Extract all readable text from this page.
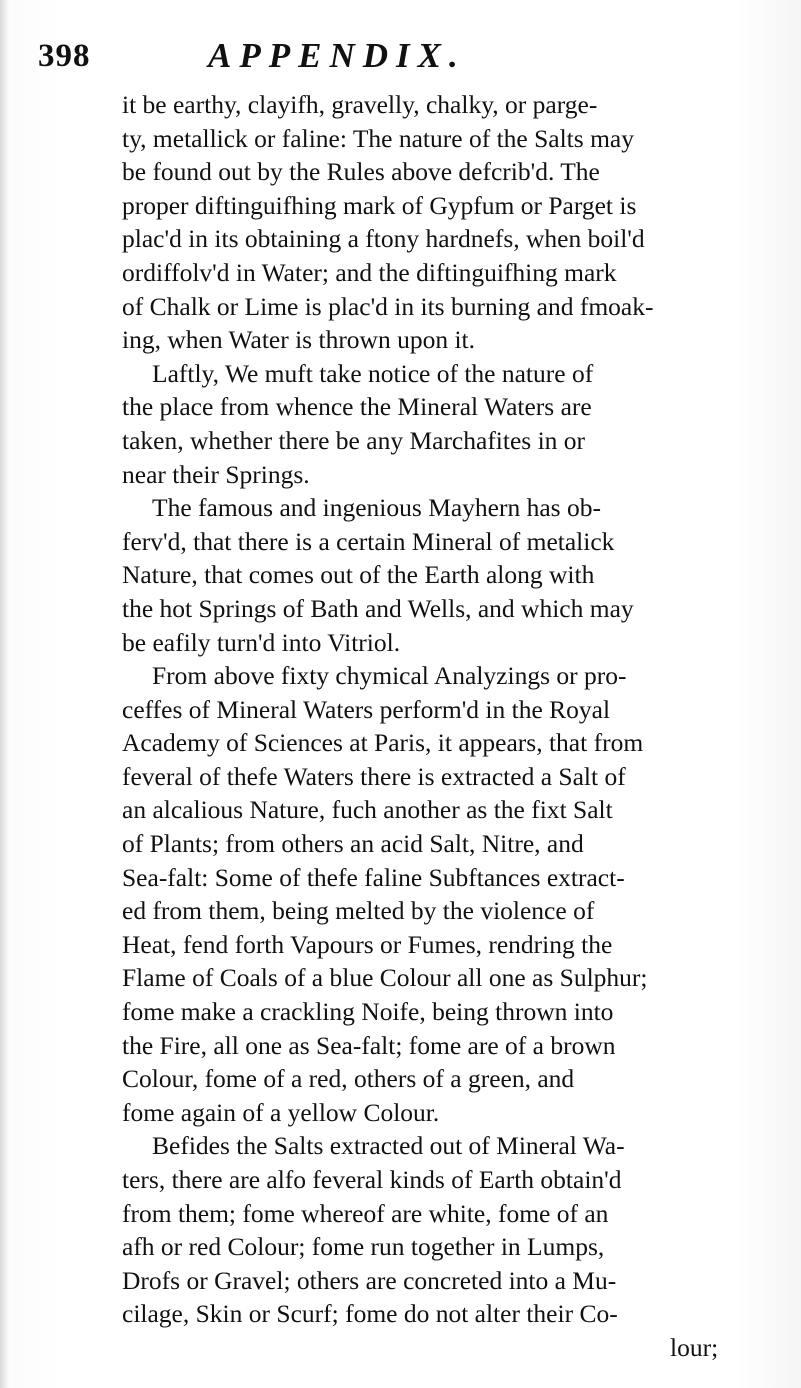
398	APPENDIX.
it be earthy, clayifh, gravelly, chalky, or parge-
ty, metallick or faline: The nature of the Salts may
be found out by the Rules above defcrib'd. The
proper diftinguifhing mark of Gypfum or Parget is
plac'd in its obtaining a ftony hardnefs, when boil'd
ordiffolv'd in Water; and the diftinguifhing mark
of Chalk or Lime is plac'd in its burning and fmoak-
ing, when Water is thrown upon it.
Laftly, We muft take notice of the nature of
the place from whence the Mineral Waters are
taken, whether there be any Marchafites in or
near their Springs.
The famous and ingenious Mayhern has ob-
ferv'd, that there is a certain Mineral of metalick
Nature, that comes out of the Earth along with
the hot Springs of Bath and Wells, and which may
be eafily turn'd into Vitriol.
From above fixty chymical Analyzings or pro-
ceffes of Mineral Waters perform'd in the Royal
Academy of Sciences at Paris, it appears, that from
feveral of thefe Waters there is extracted a Salt of
an alcalious Nature, fuch another as the fixt Salt
of Plants; from others an acid Salt, Nitre, and
Sea-falt: Some of thefe faline Subftances extract-
ed from them, being melted by the violence of
Heat, fend forth Vapours or Fumes, rendring the
Flame of Coals of a blue Colour all one as Sulphur;
fome make a crackling Noife, being thrown into
the Fire, all one as Sea-falt; fome are of a brown
Colour, fome of a red, others of a green, and
fome again of a yellow Colour.
Befides the Salts extracted out of Mineral Wa-
ters, there are alfo feveral kinds of Earth obtain'd
from them; fome whereof are white, fome of an
afh or red Colour; fome run together in Lumps,
Drofs or Gravel; others are concreted into a Mu-
cilage, Skin or Scurf; fome do not alter their Co-
lour;
